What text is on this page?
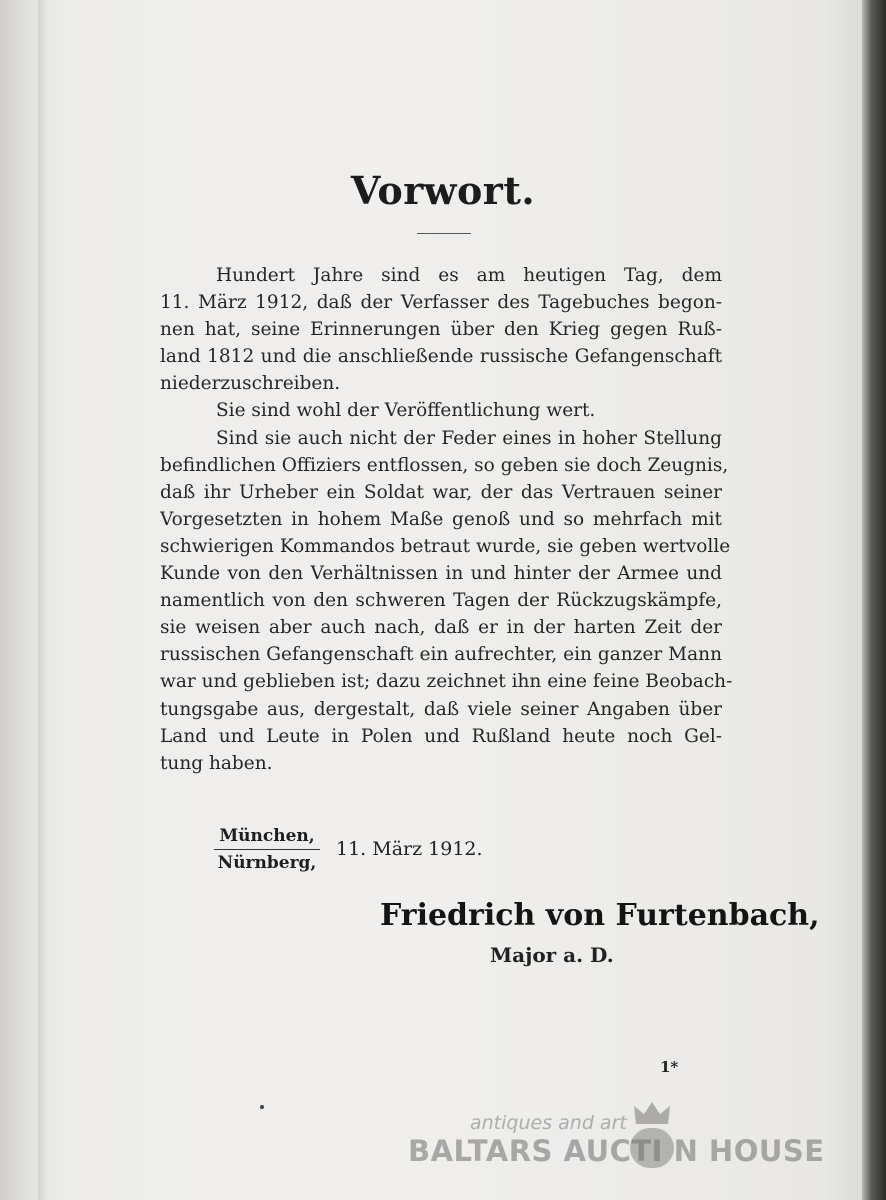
Vorwort.
Hundert Jahre sind es am heutigen Tag, dem
11. März 1912, daß der Verfasser des Tagebuches begon-
nen hat, seine Erinnerungen über den Krieg gegen Ruß-
land 1812 und die anschließende russische Gefangenschaft
niederzuschreiben.
Sie sind wohl der Veröffentlichung wert.
Sind sie auch nicht der Feder eines in hoher Stellung
befindlichen Offiziers entflossen, so geben sie doch Zeugnis,
daß ihr Urheber ein Soldat war, der das Vertrauen seiner
Vorgesetzten in hohem Maße genoß und so mehrfach mit
schwierigen Kommandos betraut wurde, sie geben wertvolle
Kunde von den Verhältnissen in und hinter der Armee und
namentlich von den schweren Tagen der Rückzugskämpfe,
sie weisen aber auch nach, daß er in der harten Zeit der
russischen Gefangenschaft ein aufrechter, ein ganzer Mann
war und geblieben ist; dazu zeichnet ihn eine feine Beobach-
tungsgabe aus, dergestalt, daß viele seiner Angaben über
Land und Leute in Polen und Rußland heute noch Gel-
tung haben.
München,
Nürnberg,
11. März 1912.
Friedrich von Furtenbach,
Major a. D.
1*
antiques and art
BALTARS AUCTI N HOUSE
